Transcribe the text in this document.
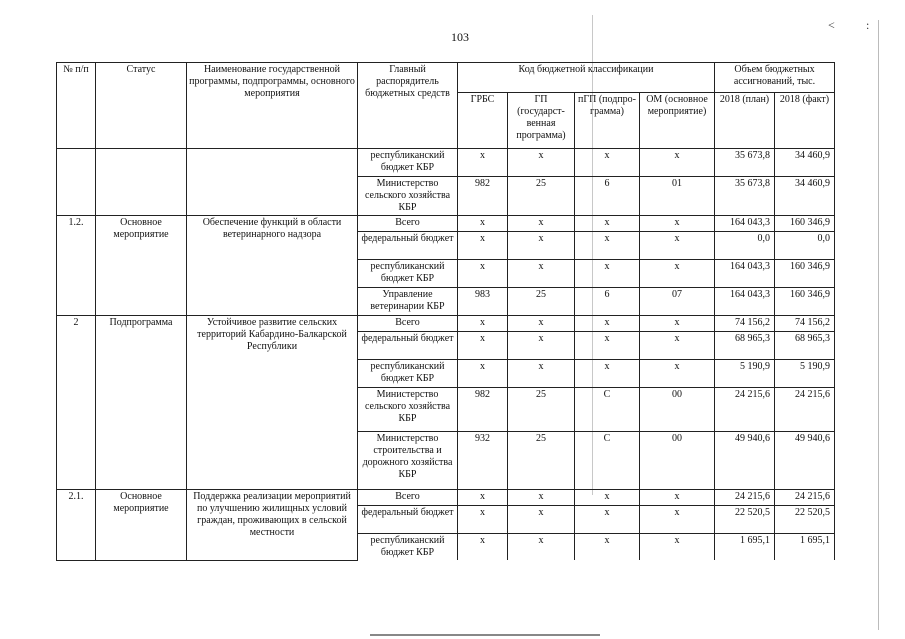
103
<	:
№ п/п	Статус	Наименование государственной программы, подпрограммы, основного мероприятия	Главный распорядитель бюджетных средств	Код бюджетной классификации				Объем бюджетных ассигнований, тыс.	
				ГРБС	ГП (государст-венная программа)	пГП (подпро-грамма)	ОМ (основное мероприятие)	2018 (план)	2018 (факт)
			республиканский бюджет КБР	х	х	х	х	35 673,8	34 460,9
			Министерство сельского хозяйства КБР	982	25	6	01	35 673,8	34 460,9
1.2.	Основное мероприятие	Обеспечение функций в области ветеринарного надзора	Всего	х	х	х	х	164 043,3	160 346,9
			федеральный бюджет	х	х	х	х	0,0	0,0
			республиканский бюджет КБР	х	х	х	х	164 043,3	160 346,9
			Управление ветеринарии КБР	983	25	6	07	164 043,3	160 346,9
2	Подпрограмма	Устойчивое развитие сельских территорий Кабардино-Балкарской Республики	Всего	х	х	х	х	74 156,2	74 156,2
			федеральный бюджет	х	х	х	х	68 965,3	68 965,3
			республиканский бюджет КБР	х	х	х	х	5 190,9	5 190,9
			Министерство сельского хозяйства КБР	982	25	С	00	24 215,6	24 215,6
			Министерство строительства и дорожного хозяйства КБР	932	25	С	00	49 940,6	49 940,6
2.1.	Основное мероприятие	Поддержка реализации мероприятий по улучшению жилищных условий граждан, проживающих в сельской местности	Всего	х	х	х	х	24 215,6	24 215,6
			федеральный бюджет	х	х	х	х	22 520,5	22 520,5
			республиканский бюджет КБР	х	х	х	х	1 695,1	1 695,1
